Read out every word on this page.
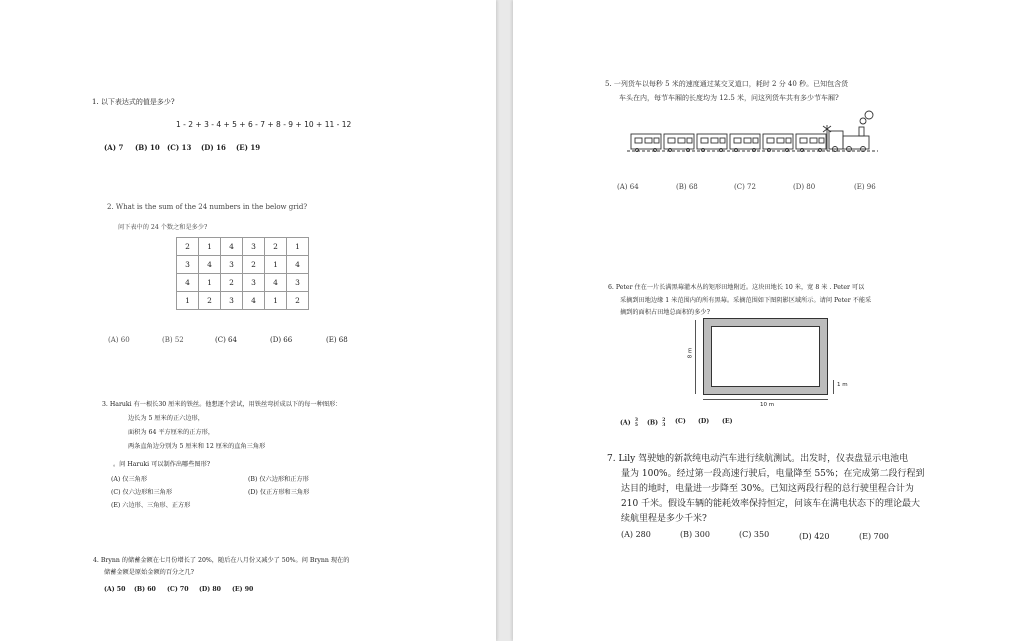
1. 以下表达式的值是多少?
1 - 2 + 3 - 4 + 5 + 6 - 7 + 8 - 9 + 10 + 11 - 12
(A) 7 (B) 10 (C) 13 (D) 16 (E) 19
2. What is the sum of the 24 numbers in the below grid?
问下表中的 24 个数之和是多少?
2	1	4	3	2	1
3	4	3	2	1	4
4	1	2	3	4	3
1	2	3	4	1	2
(A) 60	(B) 52	(C) 64	(D) 66	(E) 68
3. Haruki 有一根长30 厘米的铁丝。他想逐个尝试，用铁丝弯折成以下的每一种图形：
边长为 5 厘米的正六边形，
面积为 64 平方厘米的正方形，
两条直角边分别为 5 厘米和 12 厘米的直角三角形
。问 Haruki 可以制作出哪些图形?
(A) 仅三角形	(B) 仅六边形和正方形
(C) 仅六边形和三角形	(D) 仅正方形和三角形
(E) 六边形、三角形、正方形
4. Brynn 的储蓄金额在七月份增长了 20%，随后在八月份又减少了 50%。问 Brynn 现在的
储蓄金额是原始金额的百分之几?
(A) 50 (B) 60 (C) 70 (D) 80 (E) 90
5. 一列货车以每秒 5 米的速度通过某交叉道口，耗时 2 分 40 秒。已知包含货
车头在内，每节车厢的长度均为 12.5 米，问这列货车共有多少节车厢?
(A) 64	(B) 68	(C) 72	(D) 80	(E) 96
6. Peter 住在一片长满黑莓灌木丛的矩形田地附近。这块田地长 10 米，宽 8 米 . Peter 可以
采摘到田地边缘 1 米范围内的所有黑莓。采摘范围如下图阴影区域所示。请问 Peter 不能采
摘到的面积占田地总面积的多少?
8 m
1 m
10 m
(A) 3
5 (B) 2
3
(C) (D) (E)
7. Lily 驾驶她的新款纯电动汽车进行续航测试。出发时，仪表盘显示电池电
量为 100%。经过第一段高速行驶后，电量降至 55%；在完成第二段行程到
达目的地时，电量进一步降至 30%。已知这两段行程的总行驶里程合计为
210 千米。假设车辆的能耗效率保持恒定，问该车在满电状态下的理论最大
续航里程是多少千米?
(A) 280	(B) 300	(C) 350	(D) 420	(E) 700
